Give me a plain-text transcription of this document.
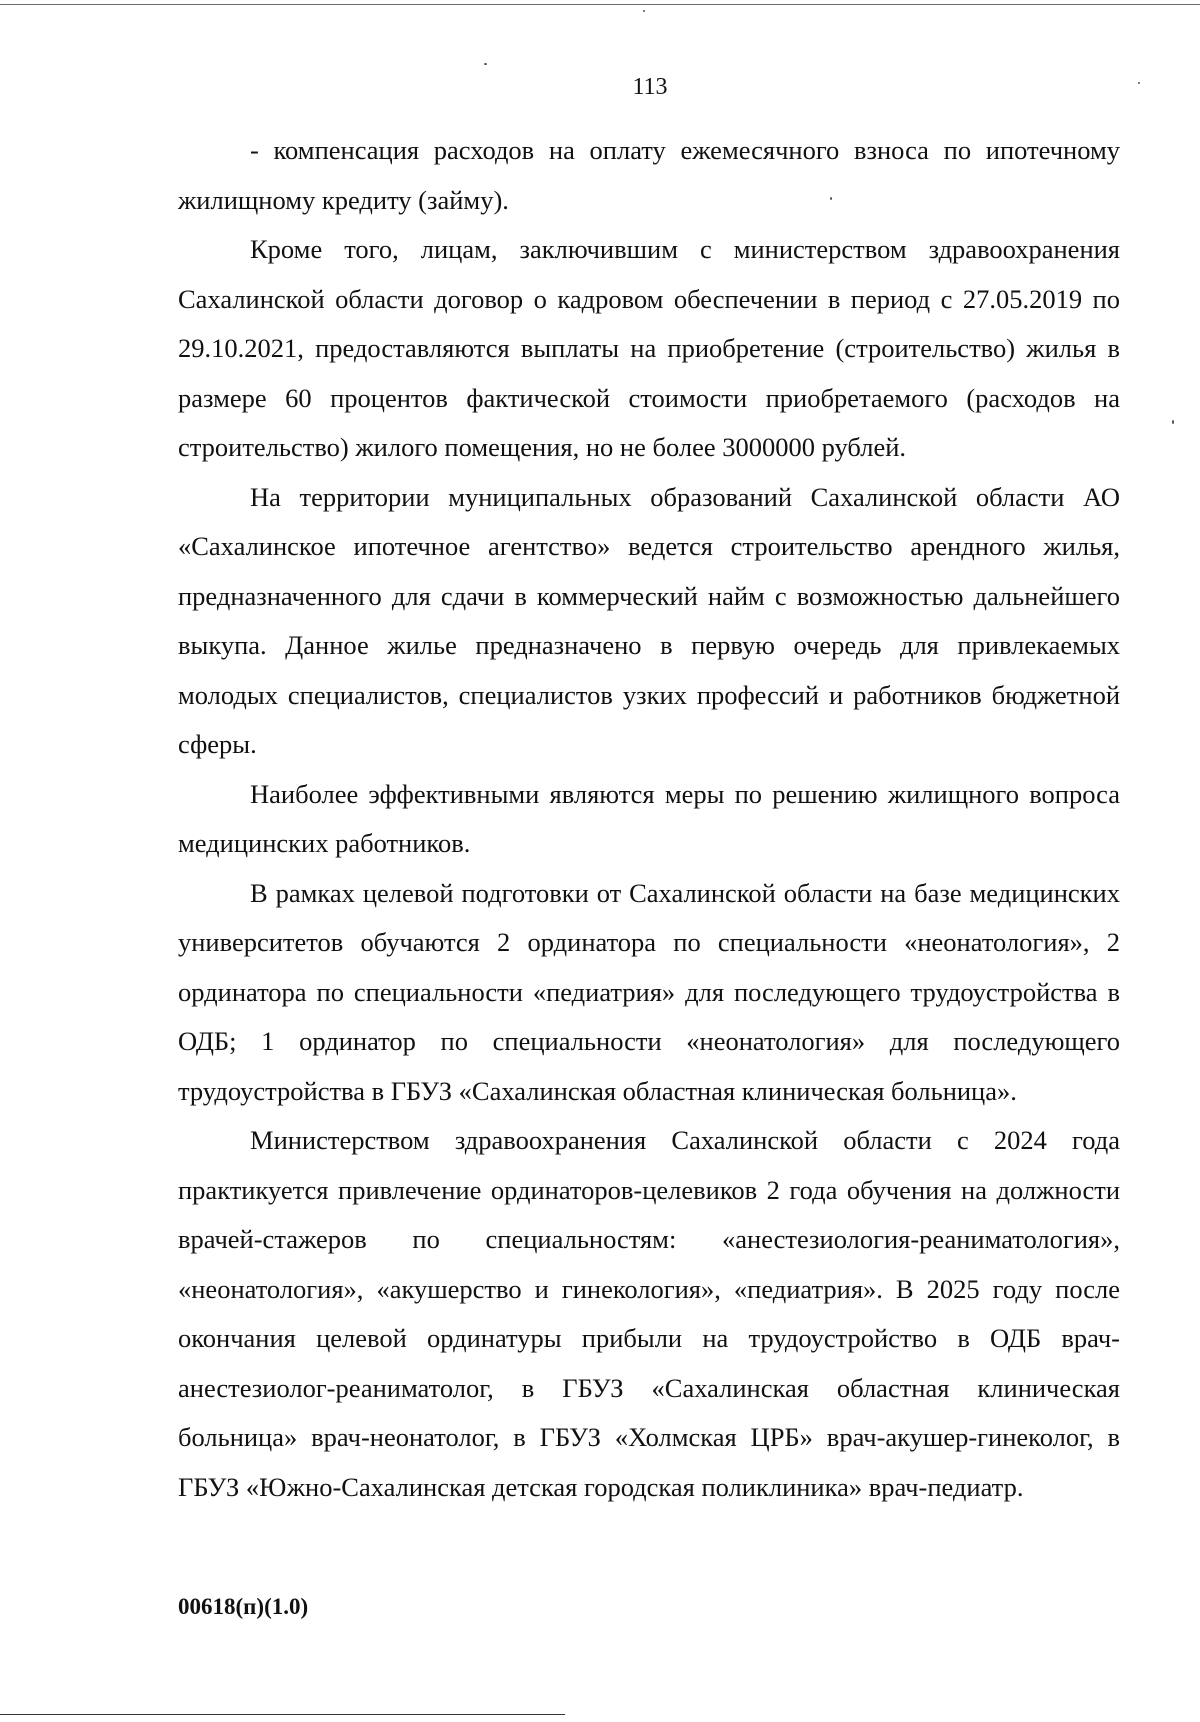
113

- компенсация расходов на оплату ежемесячного взноса по ипотечному жилищному кредиту (займу).

Кроме того, лицам, заключившим с министерством здравоохранения Сахалинской области договор о кадровом обеспечении в период с 27.05.2019 по 29.10.2021, предоставляются выплаты на приобретение (строительство) жилья в размере 60 процентов фактической стоимости приобретаемого (расходов на строительство) жилого помещения, но не более 3000000 рублей.

На территории муниципальных образований Сахалинской области АО «Сахалинское ипотечное агентство» ведется строительство арендного жилья, предназначенного для сдачи в коммерческий найм с возможностью дальнейшего выкупа. Данное жилье предназначено в первую очередь для привлекаемых молодых специалистов, специалистов узких профессий и работников бюджетной сферы.

Наиболее эффективными являются меры по решению жилищного вопроса медицинских работников.

В рамках целевой подготовки от Сахалинской области на базе медицинских университетов обучаются 2 ординатора по специальности «неонатология», 2 ординатора по специальности «педиатрия» для последующего трудоустройства в ОДБ; 1 ординатор по специальности «неонатология» для последующего трудоустройства в ГБУЗ «Сахалинская областная клиническая больница».

Министерством здравоохранения Сахалинской области с 2024 года практикуется привлечение ординаторов-целевиков 2 года обучения на должности врачей-стажеров по специальностям: «анестезиология-реаниматология», «неонатология», «акушерство и гинекология», «педиатрия». В 2025 году после окончания целевой ординатуры прибыли на трудоустройство в ОДБ врач-анестезиолог-реаниматолог, в ГБУЗ «Сахалинская областная клиническая больница» врач-неонатолог, в ГБУЗ «Холмская ЦРБ» врач-акушер-гинеколог, в ГБУЗ «Южно-Сахалинская детская городская поликлиника» врач-педиатр.

00618(п)(1.0)
